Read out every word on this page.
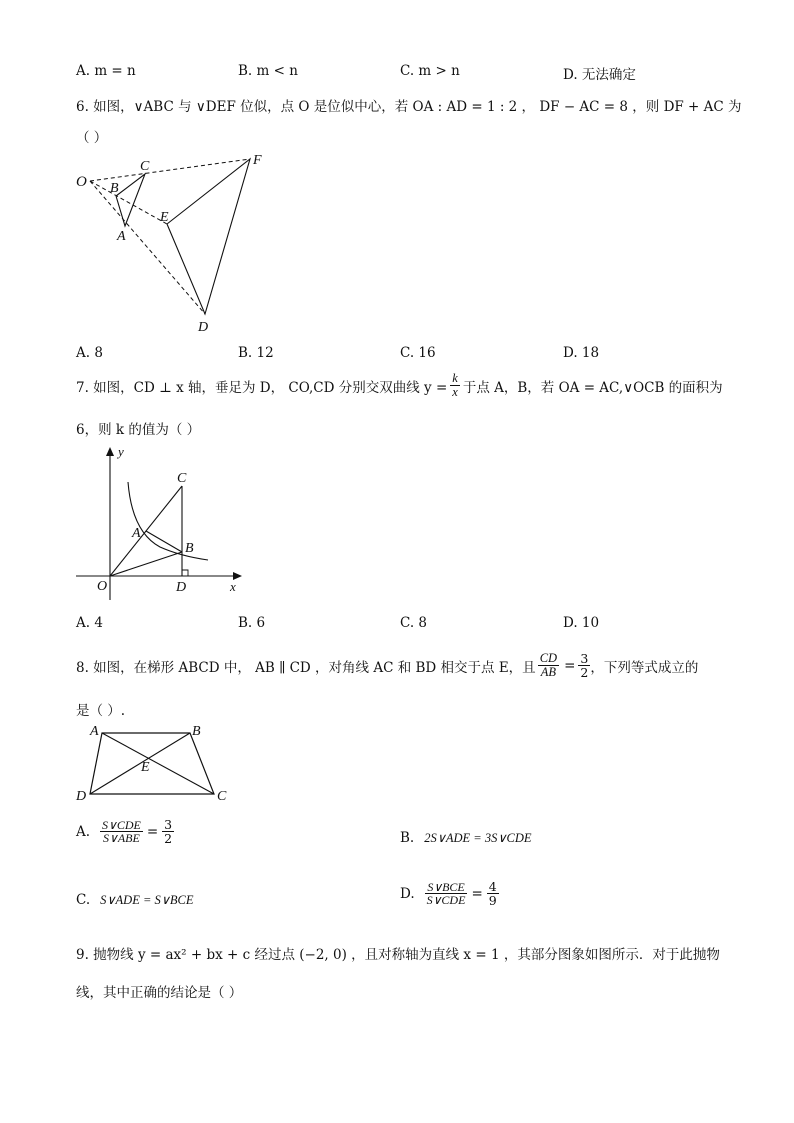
A. m = n	B. m < n	C. m > n	D. 无法确定
6. 如图，∨ABC 与 ∨DEF 位似，点 O 是位似中心，若 OA : AD = 1 : 2 ， DF − AC = 8 ，则 DF + AC 为
（ ）
O B
C
A
E
F
D
A. 8	B. 12	C. 16	D. 18
7. 如图，CD ⊥ x 轴，垂足为 D， CO,CD 分别交双曲线 $y = \frac{k}{x}$ 于点 A，B，若 OA = AC,∨OCB 的面积为
6，则 k 的值为（ ）
y
x
O
C
A
B
D
A. 4	B. 6	C. 8	D. 10
8. 如图，在梯形 ABCD 中， AB ∥ CD ，对角线 AC 和 BD 相交于点 E，且 $\frac{CD}{AB} = \frac{3}{2}$ ，下列等式成立的
是（ ）.
A	B
E
D	C
A. $\frac{\text{S∨CDE}}{\text{S∨ABE}} = \frac{3}{2}$	B. 2S∨ADE = 3S∨CDE
C. S∨ADE = S∨BCE	D. $\frac{\text{S∨BCE}}{\text{S∨CDE}} = \frac{4}{9}$
9. 抛物线 y = ax² + bx + c 经过点 (−2, 0) ，且对称轴为直线 x = 1 ，其部分图象如图所示．对于此抛物
线，其中正确的结论是（ ）
